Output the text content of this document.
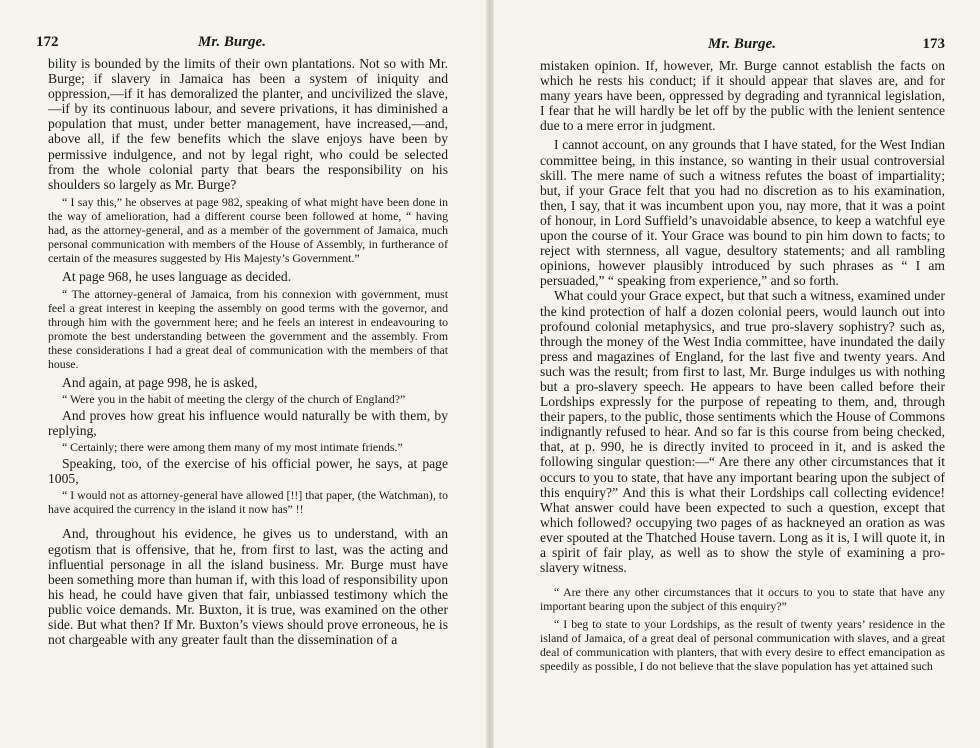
172	Mr. Burge.

bility is bounded by the limits of their own plantations. Not so with Mr. Burge; if slavery in Jamaica has been a system of iniquity and oppression,—if it has demoralized the planter, and uncivilized the slave,—if by its continuous labour, and severe privations, it has diminished a population that must, under better management, have increased,—and, above all, if the few benefits which the slave enjoys have been by permissive indulgence, and not by legal right, who could be selected from the whole colonial party that bears the responsibility on his shoulders so largely as Mr. Burge?

“ I say this,” he observes at page 982, speaking of what might have been done in the way of amelioration, had a different course been followed at home, “ having had, as the attorney-general, and as a member of the government of Jamaica, much personal communication with members of the House of Assembly, in furtherance of certain of the measures suggested by His Majesty’s Government.”

At page 968, he uses language as decided.

“ The attorney-general of Jamaica, from his connexion with government, must feel a great interest in keeping the assembly on good terms with the governor, and through him with the government here; and he feels an interest in endeavouring to promote the best understanding between the government and the assembly. From these considerations I had a great deal of communication with the members of that house.

And again, at page 998, he is asked,

“ Were you in the habit of meeting the clergy of the church of England?”

And proves how great his influence would naturally be with them, by replying,

“ Certainly; there were among them many of my most intimate friends.”

Speaking, too, of the exercise of his official power, he says, at page 1005,

“ I would not as attorney-general have allowed [!!] that paper, (the Watchman), to have acquired the currency in the island it now has” !!

And, throughout his evidence, he gives us to understand, with an egotism that is offensive, that he, from first to last, was the acting and influential personage in all the island business. Mr. Burge must have been something more than human if, with this load of responsibility upon his head, he could have given that fair, unbiassed testimony which the public voice demands. Mr. Buxton, it is true, was examined on the other side. But what then? If Mr. Buxton’s views should prove erroneous, he is not chargeable with any greater fault than the dissemination of a

Mr. Burge.	173

mistaken opinion. If, however, Mr. Burge cannot establish the facts on which he rests his conduct; if it should appear that slaves are, and for many years have been, oppressed by degrading and tyrannical legislation, I fear that he will hardly be let off by the public with the lenient sentence due to a mere error in judgment.

I cannot account, on any grounds that I have stated, for the West Indian committee being, in this instance, so wanting in their usual controversial skill. The mere name of such a witness refutes the boast of impartiality; but, if your Grace felt that you had no discretion as to his examination, then, I say, that it was incumbent upon you, nay more, that it was a point of honour, in Lord Suffield’s unavoidable absence, to keep a watchful eye upon the course of it. Your Grace was bound to pin him down to facts; to reject with sternness, all vague, desultory statements; and all rambling opinions, however plausibly introduced by such phrases as “ I am persuaded,” “ speaking from experience,” and so forth.

What could your Grace expect, but that such a witness, examined under the kind protection of half a dozen colonial peers, would launch out into profound colonial metaphysics, and true pro-slavery sophistry? such as, through the money of the West India committee, have inundated the daily press and magazines of England, for the last five and twenty years. And such was the result; from first to last, Mr. Burge indulges us with nothing but a pro-slavery speech. He appears to have been called before their Lordships expressly for the purpose of repeating to them, and, through their papers, to the public, those sentiments which the House of Commons indignantly refused to hear. And so far is this course from being checked, that, at p. 990, he is directly invited to proceed in it, and is asked the following singular question:—“ Are there any other circumstances that it occurs to you to state, that have any important bearing upon the subject of this enquiry?” And this is what their Lordships call collecting evidence! What answer could have been expected to such a question, except that which followed? occupying two pages of as hackneyed an oration as was ever spouted at the Thatched House tavern. Long as it is, I will quote it, in a spirit of fair play, as well as to show the style of examining a pro-slavery witness.

“ Are there any other circumstances that it occurs to you to state that have any important bearing upon the subject of this enquiry?”

“ I beg to state to your Lordships, as the result of twenty years’ residence in the island of Jamaica, of a great deal of personal communication with slaves, and a great deal of communication with planters, that with every desire to effect emancipation as speedily as possible, I do not believe that the slave population has yet attained such
